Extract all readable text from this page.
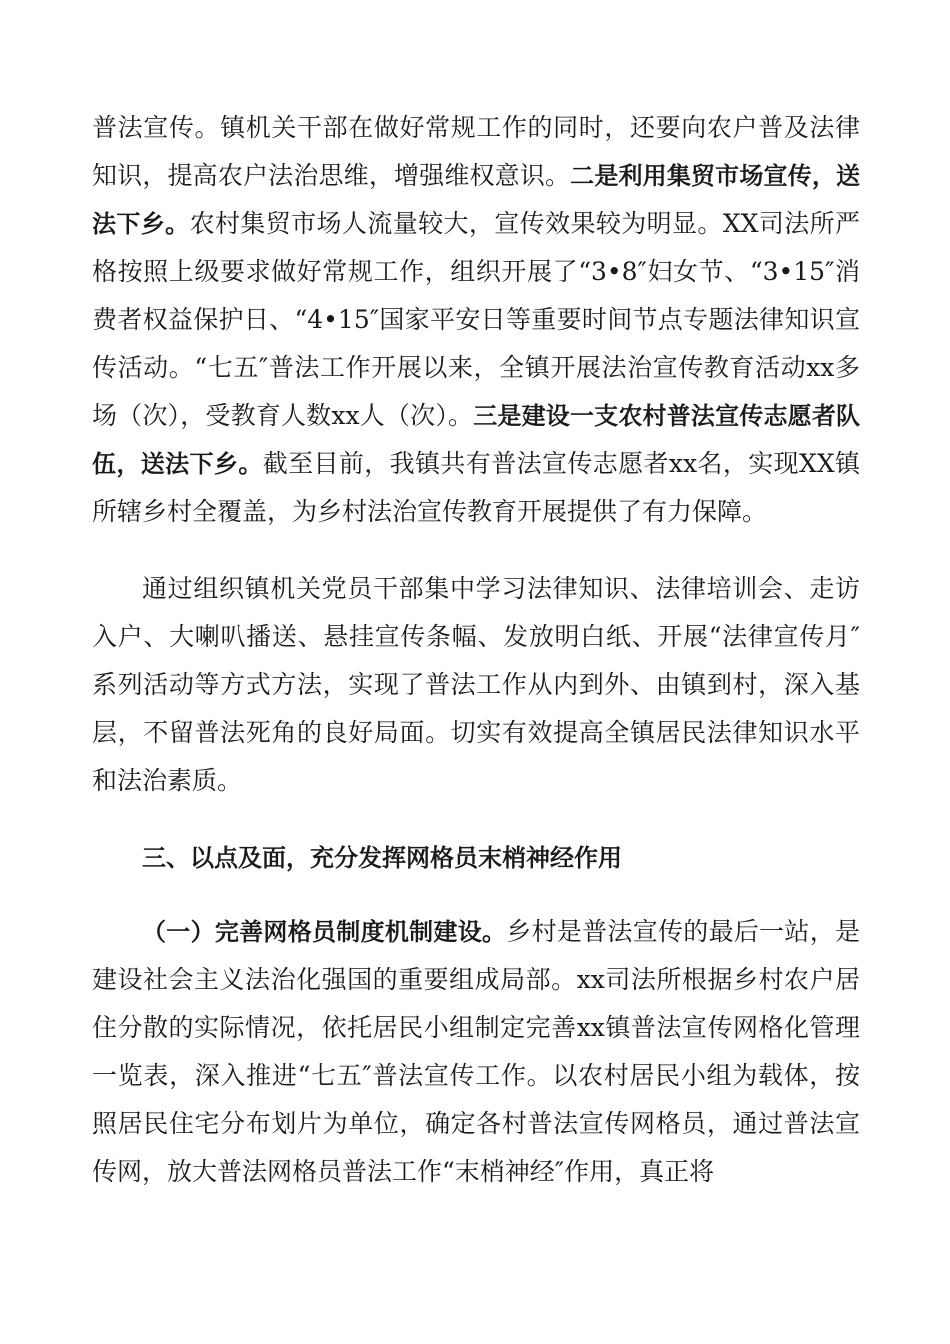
普法宣传。镇机关干部在做好常规工作的同时，还要向农户普及法律知识，提高农户法治思维，增强维权意识。二是利用集贸市场宣传，送法下乡。农村集贸市场人流量较大，宣传效果较为明显。XX司法所严格按照上级要求做好常规工作，组织开展了“3•8″妇女节、“3•15″消费者权益保护日、“4•15″国家平安日等重要时间节点专题法律知识宣传活动。“七五″普法工作开展以来，全镇开展法治宣传教育活动xx多场（次），受教育人数xx人（次）。三是建设一支农村普法宣传志愿者队伍，送法下乡。截至目前，我镇共有普法宣传志愿者xx名，实现XX镇所辖乡村全覆盖，为乡村法治宣传教育开展提供了有力保障。

通过组织镇机关党员干部集中学习法律知识、法律培训会、走访入户、大喇叭播送、悬挂宣传条幅、发放明白纸、开展“法律宣传月″系列活动等方式方法，实现了普法工作从内到外、由镇到村，深入基层，不留普法死角的良好局面。切实有效提高全镇居民法律知识水平和法治素质。

三、以点及面，充分发挥网格员末梢神经作用

（一）完善网格员制度机制建设。乡村是普法宣传的最后一站，是建设社会主义法治化强国的重要组成局部。xx司法所根据乡村农户居住分散的实际情况，依托居民小组制定完善xx镇普法宣传网格化管理一览表，深入推进“七五″普法宣传工作。以农村居民小组为载体，按照居民住宅分布划片为单位，确定各村普法宣传网格员，通过普法宣传网，放大普法网格员普法工作“末梢神经″作用，真正将
